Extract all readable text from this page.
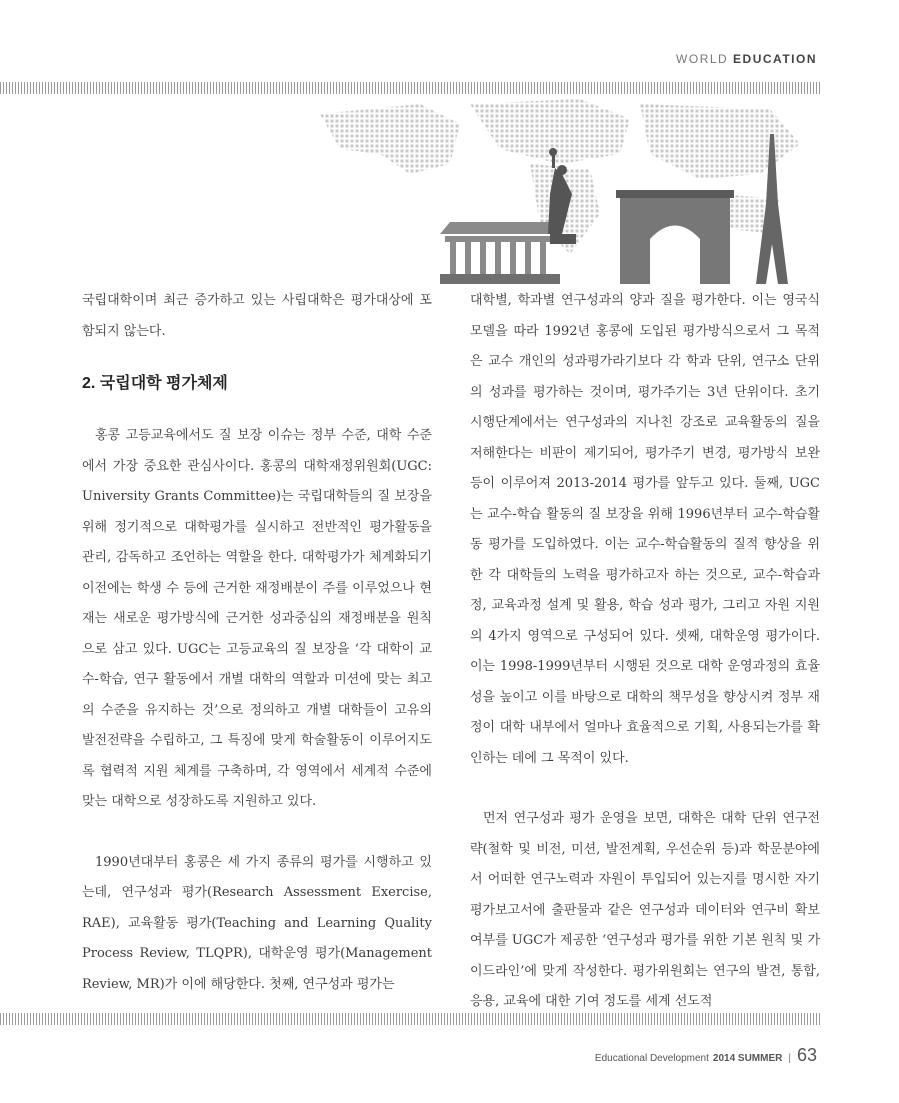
WORLD EDUCATION

국립대학이며 최근 증가하고 있는 사립대학은 평가대상에 포함되지 않는다.

2. 국립대학 평가체제

홍콩 고등교육에서도 질 보장 이슈는 정부 수준, 대학 수준에서 가장 중요한 관심사이다. 홍콩의 대학재정위원회(UGC: University Grants Committee)는 국립대학들의 질 보장을 위해 정기적으로 대학평가를 실시하고 전반적인 평가활동을 관리, 감독하고 조언하는 역할을 한다. 대학평가가 체계화되기 이전에는 학생 수 등에 근거한 재정배분이 주를 이루었으나 현재는 새로운 평가방식에 근거한 성과중심의 재정배분을 원칙으로 삼고 있다. UGC는 고등교육의 질 보장을 ‘각 대학이 교수-학습, 연구 활동에서 개별 대학의 역할과 미션에 맞는 최고의 수준을 유지하는 것’으로 정의하고 개별 대학들이 고유의 발전전략을 수립하고, 그 특징에 맞게 학술활동이 이루어지도록 협력적 지원 체계를 구축하며, 각 영역에서 세계적 수준에 맞는 대학으로 성장하도록 지원하고 있다.

1990년대부터 홍콩은 세 가지 종류의 평가를 시행하고 있는데, 연구성과 평가(Research Assessment Exercise, RAE), 교육활동 평가(Teaching and Learning Quality Process Review, TLQPR), 대학운영 평가(Management Review, MR)가 이에 해당한다. 첫째, 연구성과 평가는

대학별, 학과별 연구성과의 양과 질을 평가한다. 이는 영국식 모델을 따라 1992년 홍콩에 도입된 평가방식으로서 그 목적은 교수 개인의 성과평가라기보다 각 학과 단위, 연구소 단위의 성과를 평가하는 것이며, 평가주기는 3년 단위이다. 초기 시행단계에서는 연구성과의 지나친 강조로 교육활동의 질을 저해한다는 비판이 제기되어, 평가주기 변경, 평가방식 보완 등이 이루어져 2013-2014 평가를 앞두고 있다. 둘째, UGC는 교수-학습 활동의 질 보장을 위해 1996년부터 교수-학습활동 평가를 도입하였다. 이는 교수-학습활동의 질적 향상을 위한 각 대학들의 노력을 평가하고자 하는 것으로, 교수-학습과정, 교육과정 설계 및 활용, 학습 성과 평가, 그리고 자원 지원의 4가지 영역으로 구성되어 있다. 셋째, 대학운영 평가이다. 이는 1998-1999년부터 시행된 것으로 대학 운영과정의 효율성을 높이고 이를 바탕으로 대학의 책무성을 향상시켜 정부 재정이 대학 내부에서 얼마나 효율적으로 기획, 사용되는가를 확인하는 데에 그 목적이 있다.

먼저 연구성과 평가 운영을 보면, 대학은 대학 단위 연구전략(철학 및 비전, 미션, 발전계획, 우선순위 등)과 학문분야에서 어떠한 연구노력과 자원이 투입되어 있는지를 명시한 자기평가보고서에 출판물과 같은 연구성과 데이터와 연구비 확보 여부를 UGC가 제공한 ‘연구성과 평가를 위한 기본 원칙 및 가이드라인’에 맞게 작성한다. 평가위원회는 연구의 발견, 통합, 응용, 교육에 대한 기여 정도를 세계 선도적

Educational Development 2014 SUMMER | 63
